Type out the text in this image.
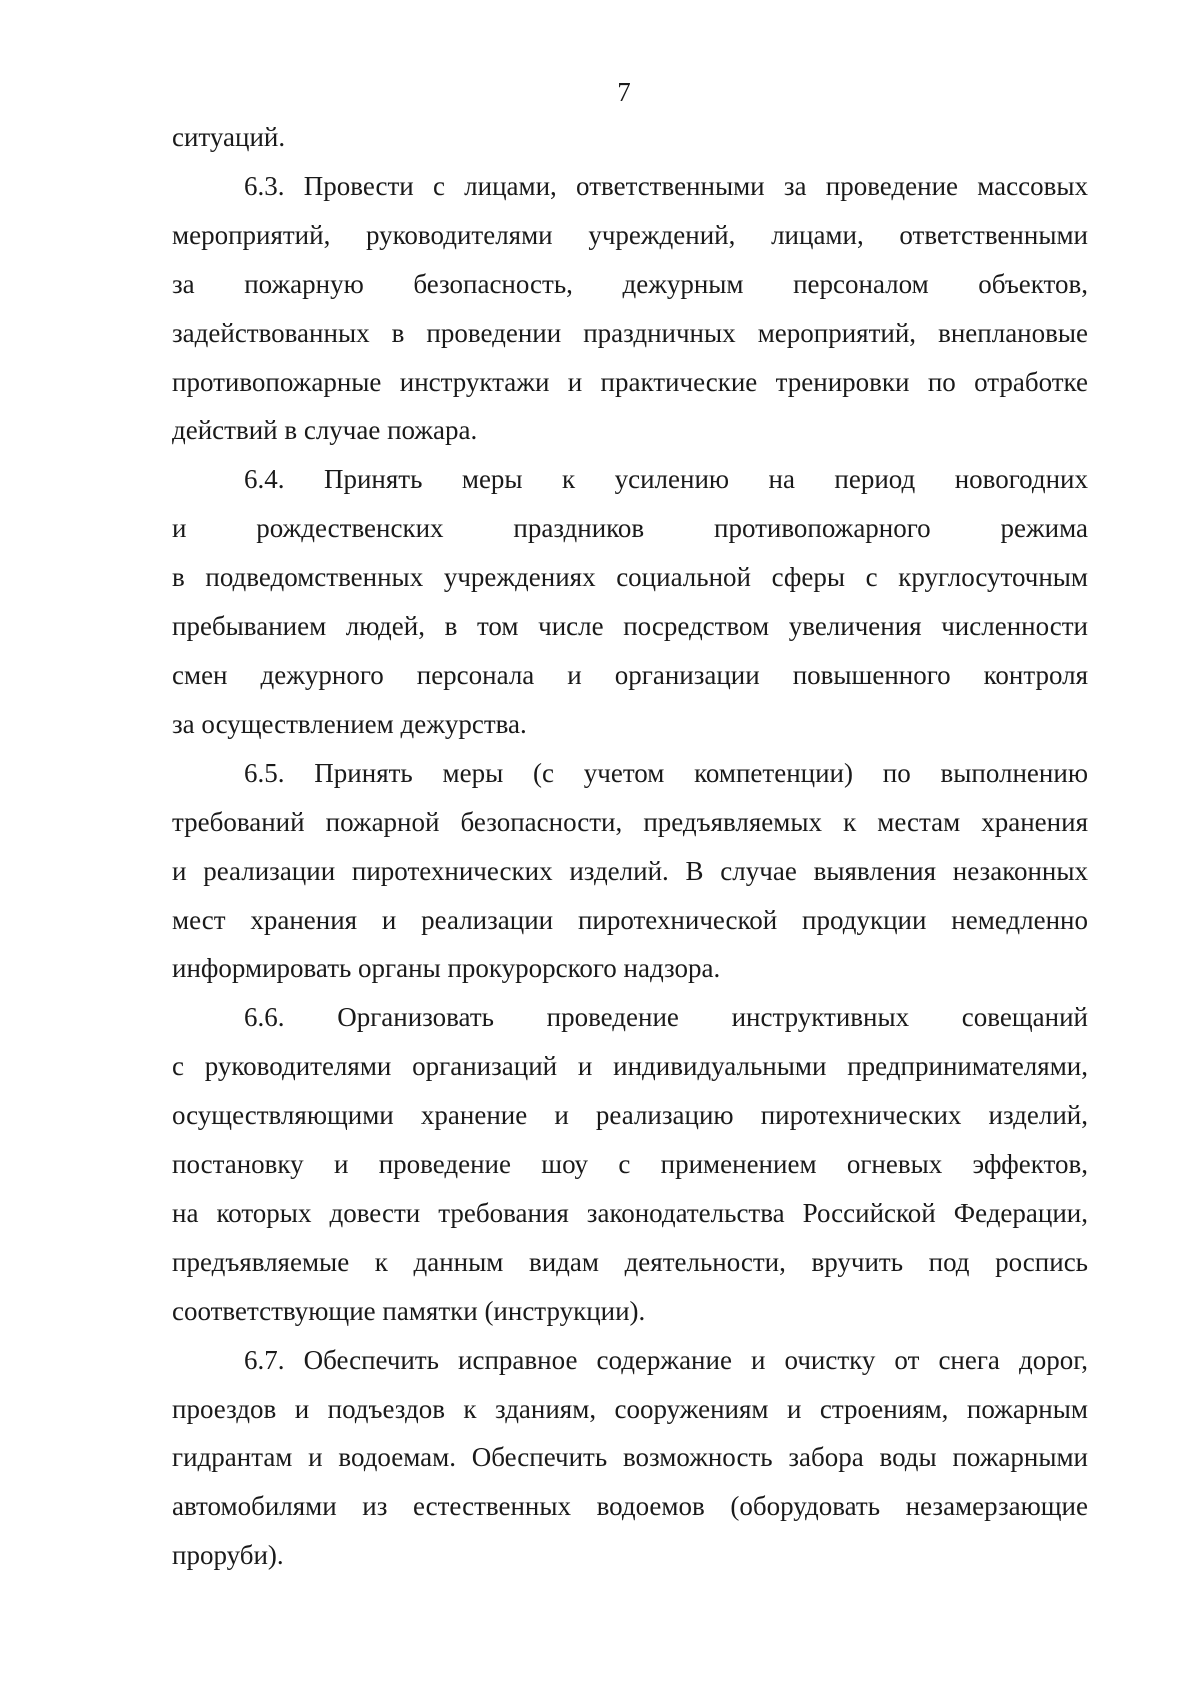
7
ситуаций.
6.3. Провести с лицами, ответственными за проведение массовых
мероприятий, руководителями учреждений, лицами, ответственными
за пожарную безопасность, дежурным персоналом объектов,
задействованных в проведении праздничных мероприятий, внеплановые
противопожарные инструктажи и практические тренировки по отработке
действий в случае пожара.
6.4. Принять меры к усилению на период новогодних
и рождественских праздников противопожарного режима
в подведомственных учреждениях социальной сферы с круглосуточным
пребыванием людей, в том числе посредством увеличения численности
смен дежурного персонала и организации повышенного контроля
за осуществлением дежурства.
6.5. Принять меры (с учетом компетенции) по выполнению
требований пожарной безопасности, предъявляемых к местам хранения
и реализации пиротехнических изделий. В случае выявления незаконных
мест хранения и реализации пиротехнической продукции немедленно
информировать органы прокурорского надзора.
6.6. Организовать проведение инструктивных совещаний
с руководителями организаций и индивидуальными предпринимателями,
осуществляющими хранение и реализацию пиротехнических изделий,
постановку и проведение шоу с применением огневых эффектов,
на которых довести требования законодательства Российской Федерации,
предъявляемые к данным видам деятельности, вручить под роспись
соответствующие памятки (инструкции).
6.7. Обеспечить исправное содержание и очистку от снега дорог,
проездов и подъездов к зданиям, сооружениям и строениям, пожарным
гидрантам и водоемам. Обеспечить возможность забора воды пожарными
автомобилями из естественных водоемов (оборудовать незамерзающие
проруби).
